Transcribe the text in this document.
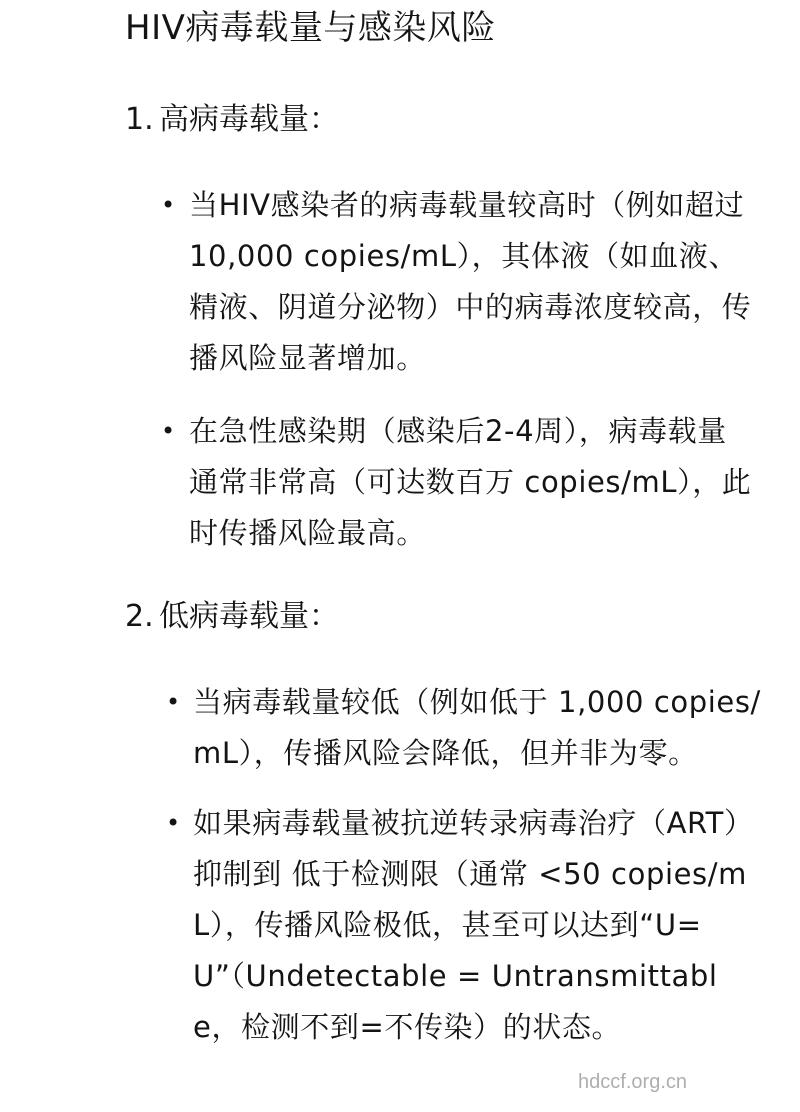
HIV病毒载量与感染风险
1. 高病毒载量：
• 当HIV感染者的病毒载量较高时（例如超过 10,000 copies/mL），其体液（如血液、精液、阴道分泌物）中的病毒浓度较高，传播风险显著增加。
• 在急性感染期（感染后2-4周），病毒载量通常非常高（可达数百万 copies/mL），此时传播风险最高。
2. 低病毒载量：
• 当病毒载量较低（例如低于 1,000 copies/mL），传播风险会降低，但并非为零。
• 如果病毒载量被抗逆转录病毒治疗（ART）抑制到 低于检测限（通常 <50 copies/mL），传播风险极低，甚至可以达到“U=U”（Undetectable = Untransmittable，检测不到=不传染）的状态。
hdccf.org.cn
